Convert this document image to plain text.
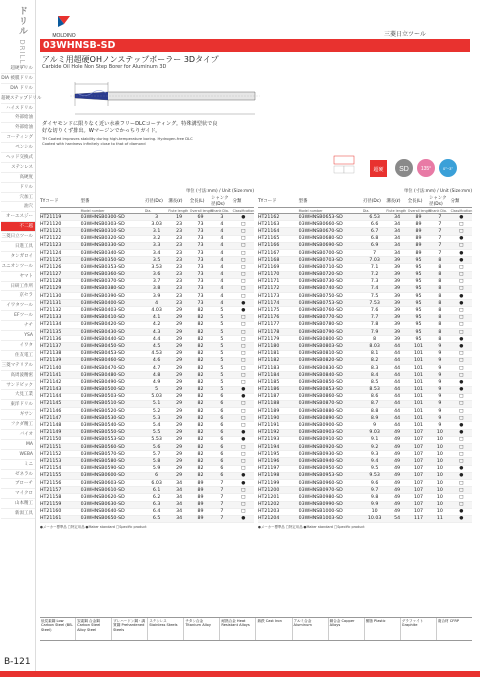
ドリル DRILLS
超硬ドリル
DIA 被膜ドリル
DIA ドリル
超硬ステップドリル
ハイスドリル
外部給油
外部給油
コーティング
ペンシル
ヘッド交換式
ステンレス
高硬度
ドリル
穴加工
油穴
オーエスジー
不二越
三菱日立ツール
日進工具
タンガロイ
ユニオンツール
ヤマト
日研工作所
京セラ
イワタツール
EFツール
ナチ
YSA
イワタ
住友電工
三菱マテリアル
高周波精密
サンドビック
大見工業
東洋ドリル
ギサン
フクダ精工
バイオ
MA
WEBA
ミニ
ゼネラル
ブローチ
マイクロ
山本精工
新潟工具
MOLDINO	三菱日立ツール
03WHNSB-SD
アルミ用超硬OHノンステップボーラー 3Dタイプ
Carbide Oil Hole Non Step Borer for Aluminum 3D
ダイヤモンドに限りなく近い水素フリーDLCコーティング。特殊溝型状で良
好な切りくず排出。Wマージンでかっちりガイド。
TH Coated improves stability during high-temperature boring. Hydrogen-free DLC
Coated with hardness infinitely close to that of diamond
超硬 SD 135°	0°~3°
単位 (寸法:mm) / Unit (Size:mm)
TYコード	型番	刃径(Dc)	溝長(ℓ)	全長(L)	シャンク径(Ds)	分類
	Model number	Dia.	Flute length	Overall length	Shank Dia.	Classification
HT21119	03WHNSB0300-SD	3	19	69	3	●
HT21120	03WHNSB0303-SD	3.03	23	73	4	□
HT21121	03WHNSB0310-SD	3.1	23	73	4	□
HT21122	03WHNSB0320-SD	3.2	23	73	4	□
HT21123	03WHNSB0330-SD	3.3	23	73	4	□
HT21124	03WHNSB0340-SD	3.4	23	73	4	□
HT21125	03WHNSB0350-SD	3.5	23	73	4	□
HT21126	03WHNSB0353-SD	3.53	23	73	4	□
HT21127	03WHNSB0360-SD	3.6	23	73	4	□
HT21128	03WHNSB0370-SD	3.7	23	73	4	□
HT21129	03WHNSB0380-SD	3.8	23	73	4	□
HT21130	03WHNSB0390-SD	3.9	23	73	4	□
HT21131	03WHNSB0400-SD	4	23	73	4	●
HT21132	03WHNSB0403-SD	4.03	29	82	5	●
HT21133	03WHNSB0410-SD	4.1	29	82	5	□
HT21134	03WHNSB0420-SD	4.2	29	82	5	□
HT21135	03WHNSB0430-SD	4.3	29	82	5	□
HT21136	03WHNSB0440-SD	4.4	29	82	5	□
HT21137	03WHNSB0450-SD	4.5	29	82	5	□
HT21138	03WHNSB0453-SD	4.53	29	82	5	□
HT21139	03WHNSB0460-SD	4.6	29	82	5	□
HT21140	03WHNSB0470-SD	4.7	29	82	5	□
HT21141	03WHNSB0480-SD	4.8	29	82	5	□
HT21142	03WHNSB0490-SD	4.9	29	82	5	□
HT21143	03WHNSB0500-SD	5	29	82	5	●
HT21144	03WHNSB0503-SD	5.03	29	82	6	●
HT21145	03WHNSB0510-SD	5.1	29	82	6	□
HT21146	03WHNSB0520-SD	5.2	29	82	6	□
HT21147	03WHNSB0530-SD	5.3	29	82	6	□
HT21148	03WHNSB0540-SD	5.4	29	82	6	□
HT21149	03WHNSB0550-SD	5.5	29	82	6	●
HT21150	03WHNSB0553-SD	5.53	29	82	6	●
HT21151	03WHNSB0560-SD	5.6	29	82	6	□
HT21152	03WHNSB0570-SD	5.7	29	82	6	□
HT21153	03WHNSB0580-SD	5.8	29	82	6	□
HT21154	03WHNSB0590-SD	5.9	29	82	6	□
HT21155	03WHNSB0600-SD	6	29	82	6	●
HT21156	03WHNSB0603-SD	6.03	34	89	7	●
HT21157	03WHNSB0610-SD	6.1	34	89	7	□
HT21158	03WHNSB0620-SD	6.2	34	89	7	□
HT21159	03WHNSB0630-SD	6.3	34	89	7	□
HT21160	03WHNSB0640-SD	6.4	34	89	7	□
HT21161	03WHNSB0650-SD	6.5	34	89	7	●
●メーカー標準品 □特定用品 ●Maker standard □Specific product
単位 (寸法:mm) / Unit (Size:mm)
TYコード	型番	刃径(Dc)	溝長(ℓ)	全長(L)	シャンク径(Ds)	分類
	Model number	Dia.	Flute length	Overall length	Shank Dia.	Classification
HT21162	03WHNSB0653-SD	6.53	34	89	7	●
HT21163	03WHNSB0660-SD	6.6	34	89	7	□
HT21164	03WHNSB0670-SD	6.7	34	89	7	□
HT21165	03WHNSB0680-SD	6.8	34	89	7	●
HT21166	03WHNSB0690-SD	6.9	34	89	7	□
HT21167	03WHNSB0700-SD	7	34	89	7	●
HT21168	03WHNSB0703-SD	7.03	39	95	8	●
HT21169	03WHNSB0710-SD	7.1	39	95	8	□
HT21170	03WHNSB0720-SD	7.2	39	95	8	□
HT21171	03WHNSB0730-SD	7.3	39	95	8	□
HT21172	03WHNSB0740-SD	7.4	39	95	8	□
HT21173	03WHNSB0750-SD	7.5	39	95	8	●
HT21174	03WHNSB0753-SD	7.53	39	95	8	●
HT21175	03WHNSB0760-SD	7.6	39	95	8	□
HT21176	03WHNSB0770-SD	7.7	39	95	8	□
HT21177	03WHNSB0780-SD	7.8	39	95	8	□
HT21178	03WHNSB0790-SD	7.9	39	95	8	□
HT21179	03WHNSB0800-SD	8	39	95	8	●
HT21180	03WHNSB0803-SD	8.03	44	101	9	●
HT21181	03WHNSB0810-SD	8.1	44	101	9	□
HT21182	03WHNSB0820-SD	8.2	44	101	9	□
HT21183	03WHNSB0830-SD	8.3	44	101	9	□
HT21184	03WHNSB0840-SD	8.4	44	101	9	□
HT21185	03WHNSB0850-SD	8.5	44	101	9	●
HT21186	03WHNSB0853-SD	8.53	44	101	9	●
HT21187	03WHNSB0860-SD	8.6	44	101	9	□
HT21188	03WHNSB0870-SD	8.7	44	101	9	□
HT21189	03WHNSB0880-SD	8.8	44	101	9	□
HT21190	03WHNSB0890-SD	8.9	44	101	9	□
HT21191	03WHNSB0900-SD	9	44	101	9	●
HT21192	03WHNSB0903-SD	9.03	49	107	10	●
HT21193	03WHNSB0910-SD	9.1	49	107	10	□
HT21194	03WHNSB0920-SD	9.2	49	107	10	□
HT21195	03WHNSB0930-SD	9.3	49	107	10	□
HT21196	03WHNSB0940-SD	9.4	49	107	10	□
HT21197	03WHNSB0950-SD	9.5	49	107	10	●
HT21198	03WHNSB0953-SD	9.53	49	107	10	●
HT21199	03WHNSB0960-SD	9.6	49	107	10	□
HT21200	03WHNSB0970-SD	9.7	49	107	10	□
HT21201	03WHNSB0980-SD	9.8	49	107	10	□
HT21202	03WHNSB0990-SD	9.9	49	107	10	□
HT21203	03WHNSB1000-SD	10	49	107	10	●
HT21204	03WHNSB1003-SD	10.03	54	117	11	●
●メーカー標準品 □特定用品 ●Maker standard □Specific product
低炭素鋼 Low Carbon Steel (BB-Steel)
炭素鋼 合金鋼 Carbon Steel Alloy Steel
プレハードン鋼・調質鋼 Prehardened Steels
ステンレス Stainless Steels
チタン合金 Titanium Alloy
耐熱合金 Heat Resistant Alloys
鋳鉄 Cast Iron	アルミ合金 Aluminum
銅合金 Copper Alloys
樹脂 Plastic	グラファイト Graphite
複合材 CFRP
B-121
